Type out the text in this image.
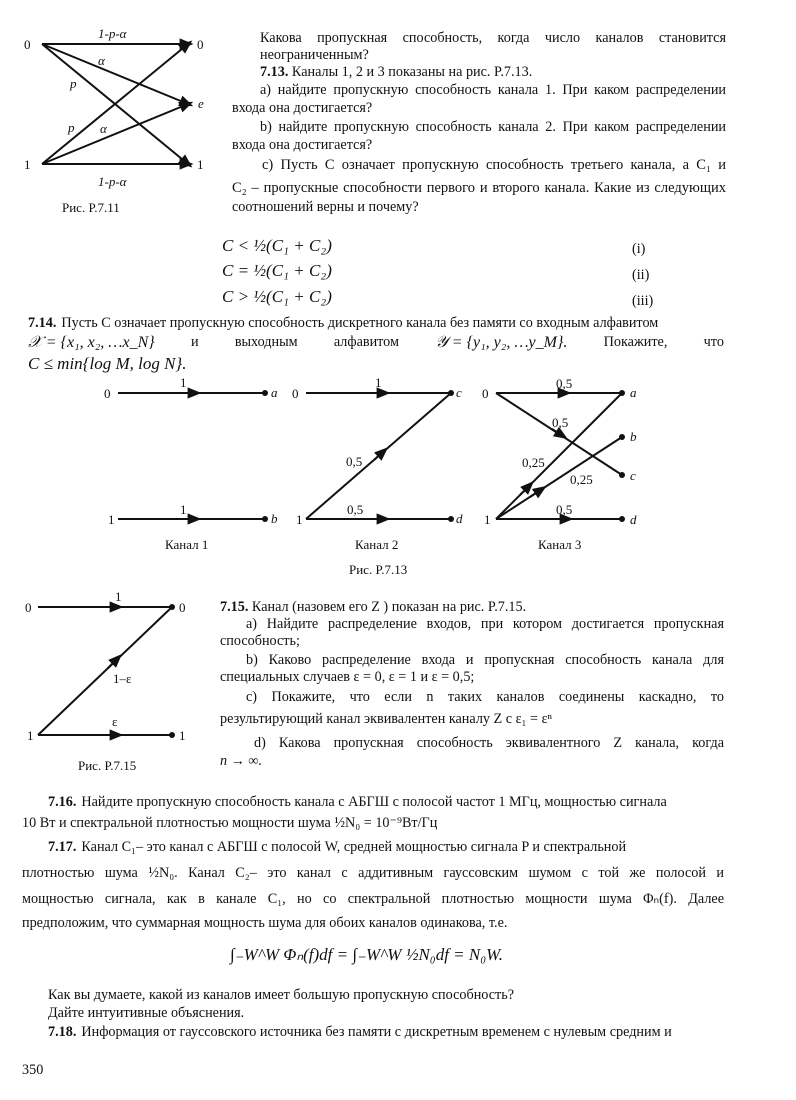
0
1
0
e
1
1-p-α
α
p
p α
1-p-α
0
1
a
b
1
1
0
1
c
d
1
0,5
0,5
0
1
a
b
c
d
0,5
0,5
0,25
0,25
0,5
0
1
0
1
1
1–ε
ε
Рис. P.7.11
Канал 1	Канал 2	Канал 3
Рис. P.7.13
Рис. P.7.15
Какова пропускная способность, когда число каналов становится
неограниченным?
7.13. Каналы 1, 2 и 3 показаны на рис. P.7.13.
a) найдите пропускную способность канала 1. При каком распределении
входа она достигается?
b) найдите пропускную способность канала 2. При каком распределении
входа она достигается?
с) Пусть C означает пропускную способность третьего канала, а C₁ и
C₂ – пропускные способности первого и второго канала. Какие из следующих
соотношений верны и почему?
C < ½(C₁ + C₂)	(i)
C = ½(C₁ + C₂)	(ii)
C > ½(C₁ + C₂)	(iii)
7.14. Пусть C означает пропускную способность дискретного канала без памяти со входным алфавитом
𝒳 = {x₁, x₂, …x_N}	и	выходным	алфавитом 𝒴 = {y₁, y₂, …y_M}.	Покажите,	что
C ≤ min{log M, log N}.
7.15. Канал (назовем его Z ) показан на рис. P.7.15.
a) Найдите распределение входов, при котором достигается пропускная
способность;
b) Каково распределение входа и пропускная способность канала для
специальных случаев ε = 0, ε = 1 и ε = 0,5;
c) Покажите, что если n таких каналов соединены каскадно, то
результирующий канал эквивалентен каналу Z с ε₁ = εⁿ
d) Какова пропускная способность эквивалентного Z канала, когда
n → ∞.
7.16. Найдите пропускную способность канала с АБГШ с полосой частот 1 МГц, мощностью сигнала
10 Вт и спектральной плотностью мощности шума ½N₀ = 10⁻⁹Вт/Гц
7.17. Канал C₁– это канал с АБГШ с полосой W, средней мощностью сигнала P и спектральной
плотностью шума ½N₀. Канал C₂– это канал с аддитивным гауссовским шумом с той же полосой и
мощностью сигнала, как в канале C₁, но со спектральной плотностью мощности шума Φₙ(f). Далее
предположим, что суммарная мощность шума для обоих каналов одинакова, т.е.
∫₋W^W Φₙ(f)df = ∫₋W^W ½N₀df = N₀W.
Как вы думаете, какой из каналов имеет большую пропускную способность?
Дайте интуитивные объяснения.
7.18. Информация от гауссовского источника без памяти с дискретным временем с нулевым средним и
350
